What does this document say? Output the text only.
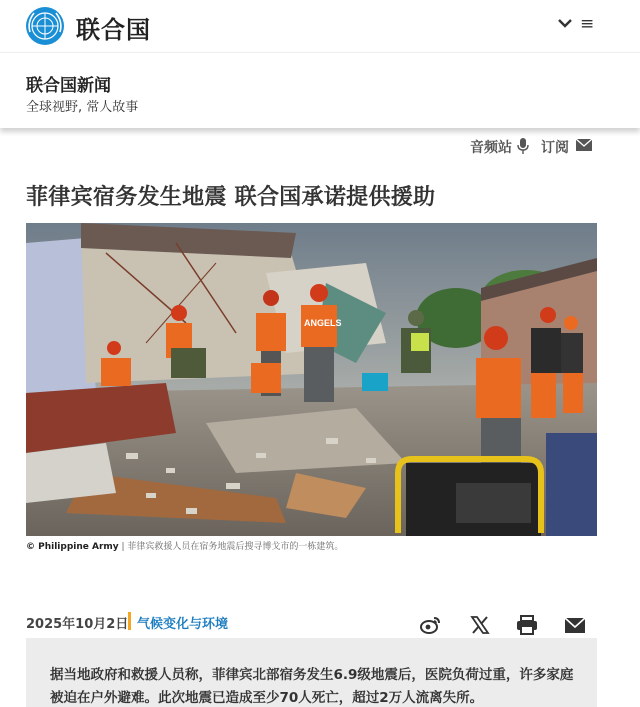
联合国	≡
联合国新闻
全球视野, 常人故事
音频站 订阅
菲律宾宿务发生地震 联合国承诺提供援助
ANGELS
© Philippine Army | 菲律宾救援人员在宿务地震后搜寻博戈市的一栋建筑。
2025年10月2日 气候变化与环境
据当地政府和救援人员称，菲律宾北部宿务发生6.9级地震后，医院负荷过重，许多家庭被迫在户外避难。此次地震已造成至少70人死亡，超过2万人流离失所。
